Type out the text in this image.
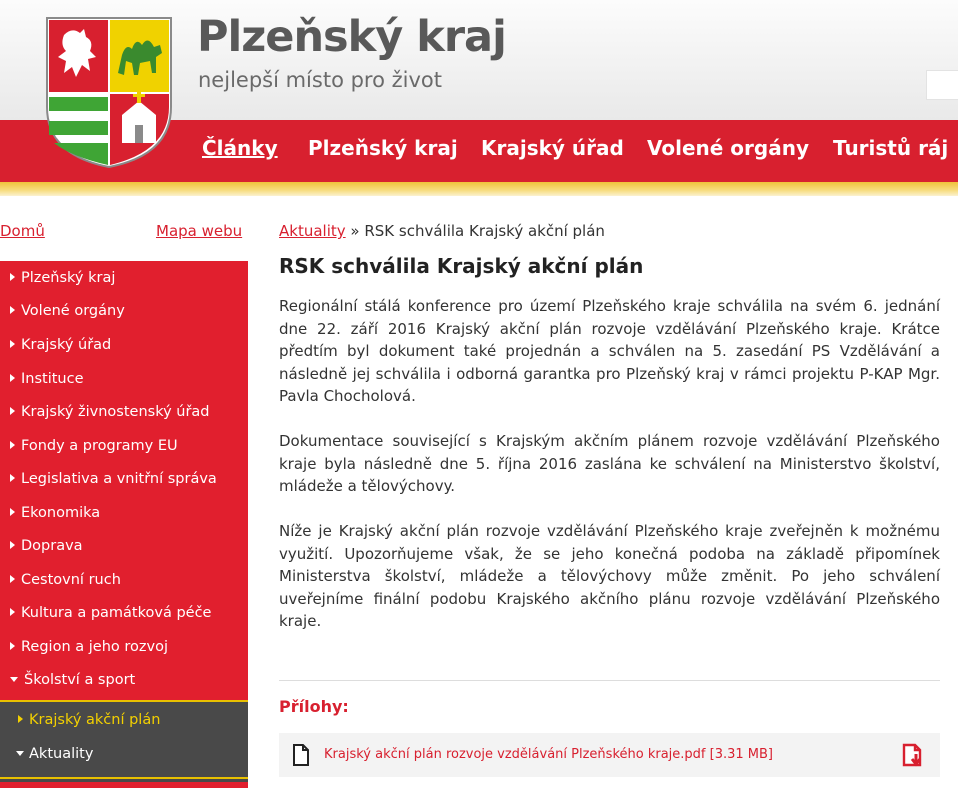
Plzeňský kraj
nejlepší místo pro život
Články Plzeňský kraj Krajský úřad Volené orgány Turistů ráj
Domů	Mapa webu
Plzeňský kraj
Volené orgány
Krajský úřad
Instituce
Krajský živnostenský úřad
Fondy a programy EU
Legislativa a vnitřní správa
Ekonomika
Doprava
Cestovní ruch
Kultura a památková péče
Region a jeho rozvoj
Školství a sport
Krajský akční plán
Aktuality
Aktuality » RSK schválila Krajský akční plán
RSK schválila Krajský akční plán

Regionální stálá konference pro území Plzeňského kraje schválila na svém 6. jednání dne 22. září 2016 Krajský akční plán rozvoje vzdělávání Plzeňského kraje. Krátce předtím byl dokument také projednán a schválen na 5. zasedání PS Vzdělávání a následně jej schválila i odborná garantka pro Plzeňský kraj v rámci projektu P-KAP Mgr. Pavla Chocholová.

Dokumentace související s Krajským akčním plánem rozvoje vzdělávání Plzeňského kraje byla následně dne 5. října 2016 zaslána ke schválení na Ministerstvo školství, mládeže a tělovýchovy.

Níže je Krajský akční plán rozvoje vzdělávání Plzeňského kraje zveřejněn k možnému využití. Upozorňujeme však, že se jeho konečná podoba na základě připomínek Ministerstva školství, mládeže a tělovýchovy může změnit. Po jeho schválení uveřejníme finální podobu Krajského akčního plánu rozvoje vzdělávání Plzeňského kraje.

Přílohy:
Krajský akční plán rozvoje vzdělávání Plzeňského kraje.pdf [3.31 MB]
